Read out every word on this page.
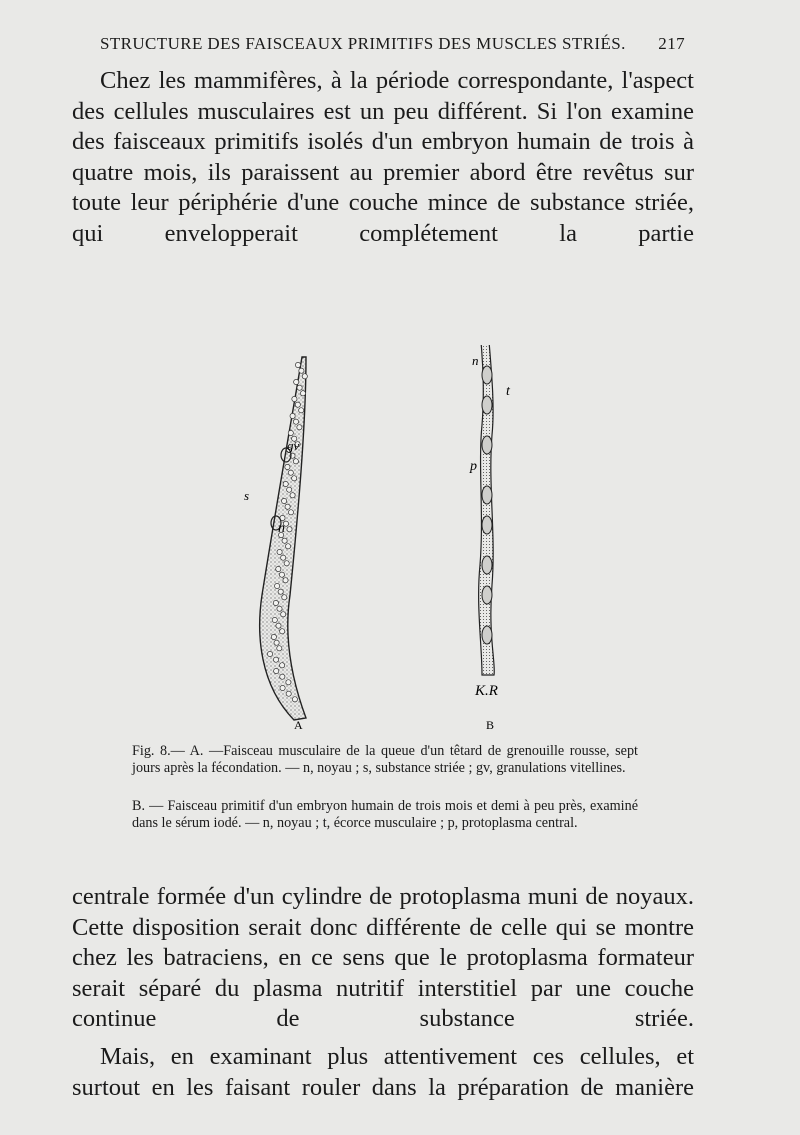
STRUCTURE DES FAISCEAUX PRIMITIFS DES MUSCLES STRIÉS. 217

Chez les mammifères, à la période correspondante, l'aspect des cellules musculaires est un peu différent. Si l'on examine des faisceaux primitifs isolés d'un embryon humain de trois à quatre mois, ils paraissent au premier abord être revêtus sur toute leur périphérie d'une couche mince de substance striée, qui envelopperait complétement la partie

gv
s
n
n
t
p
K.R
A	B

Fig. 8.— A. —Faisceau musculaire de la queue d'un têtard de grenouille rousse, sept jours après la fécondation. — n, noyau ; s, substance striée ; gv, granulations vitellines.

B. — Faisceau primitif d'un embryon humain de trois mois et demi à peu près, examiné dans le sérum iodé. — n, noyau ; t, écorce musculaire ; p, protoplasma central.

centrale formée d'un cylindre de protoplasma muni de noyaux. Cette disposition serait donc différente de celle qui se montre chez les batraciens, en ce sens que le protoplasma formateur serait séparé du plasma nutritif interstitiel par une couche continue de substance striée.

Mais, en examinant plus attentivement ces cellules, et surtout en les faisant rouler dans la préparation de manière
